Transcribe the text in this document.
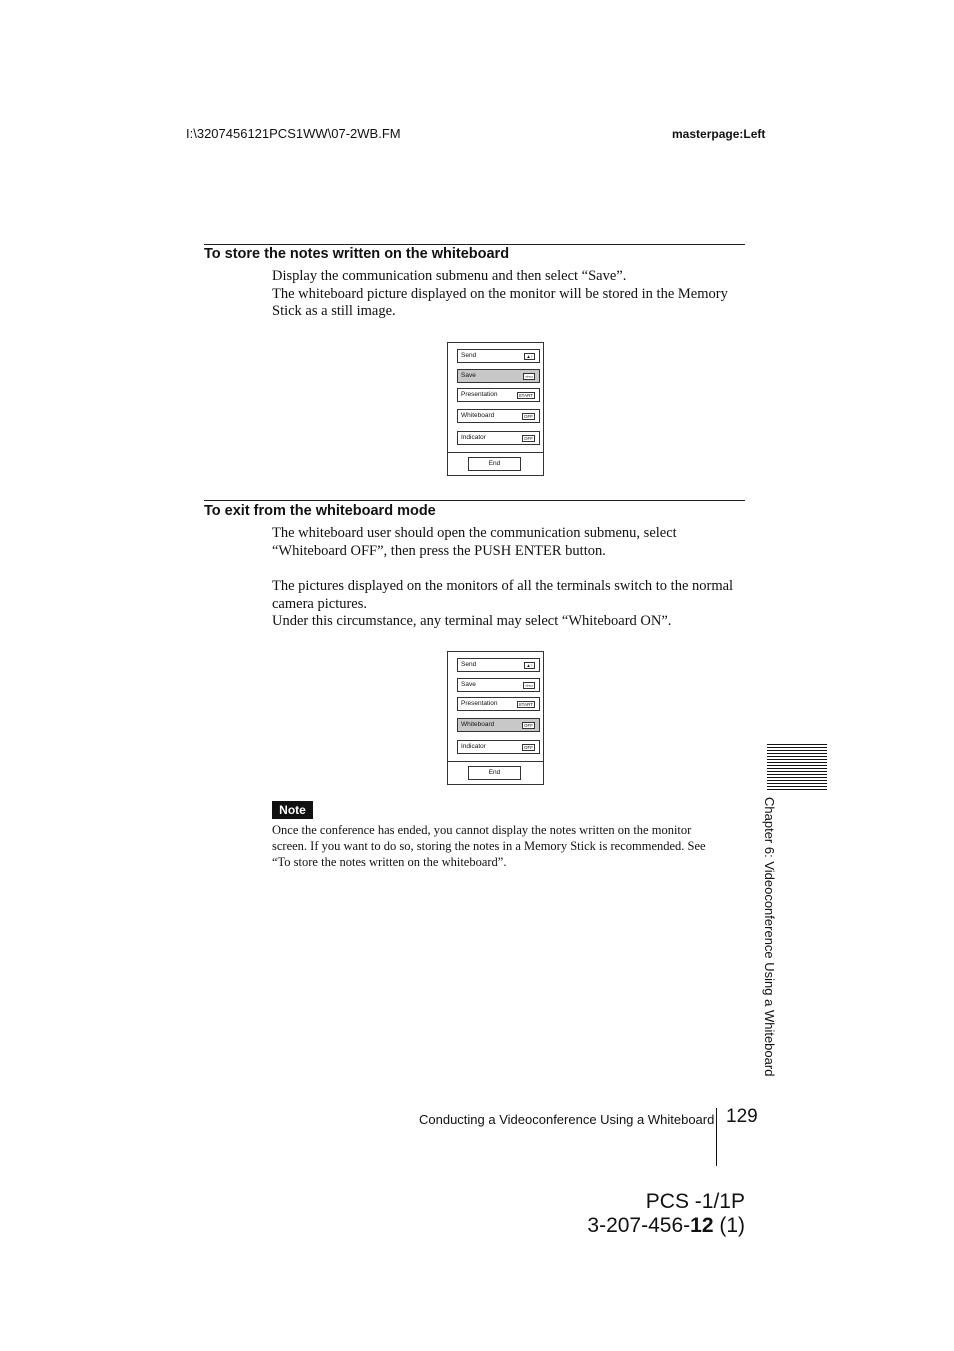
I:\3207456121PCS1WW\07-2WB.FM	masterpage:Left
To store the notes written on the whiteboard
Display the communication submenu and then select “Save”.
The whiteboard picture displayed on the monitor will be stored in the Memory
Stick as a still image.
Send	▲↑
Save	⇒▭
Presentation	START
Whiteboard	OFF
Indicator	OFF
End
To exit from the whiteboard mode
The whiteboard user should open the communication submenu, select
“Whiteboard OFF”, then press the PUSH ENTER button.
The pictures displayed on the monitors of all the terminals switch to the normal
camera pictures.
Under this circumstance, any terminal may select “Whiteboard ON”.
Send	▲↑
Save	⇒▭
Presentation	START
Whiteboard	OFF
Indicator	OFF
End
Note
Once the conference has ended, you cannot display the notes written on the monitor
screen. If you want to do so, storing the notes in a Memory Stick is recommended. See
“To store the notes written on the whiteboard”.	Chapter 6: Videoconference Using a Whiteboard
Conducting a Videoconference Using a Whiteboard 129
PCS -1/1P
3-207-456-12 (1)
